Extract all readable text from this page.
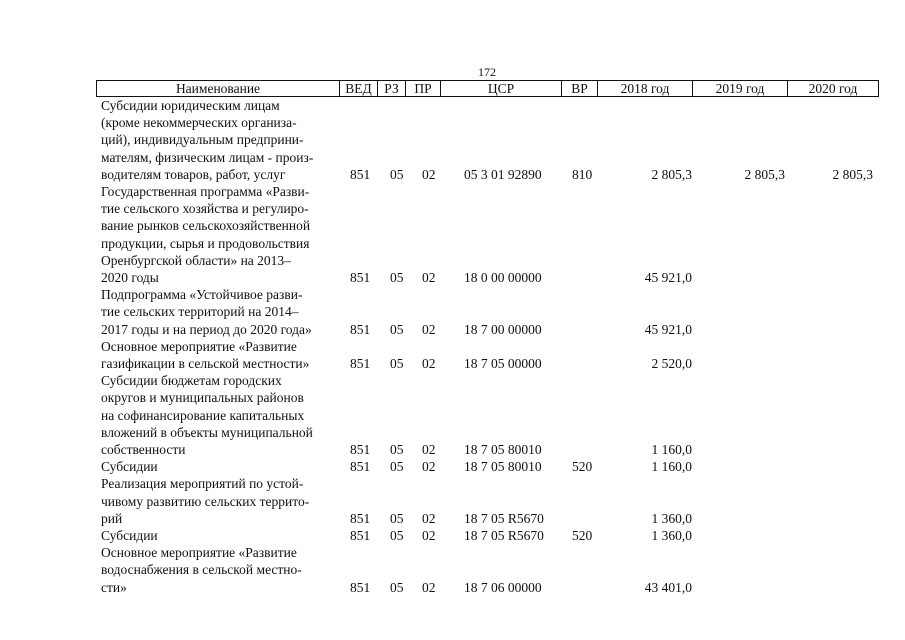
172
Наименование	ВЕД РЗ	ПР	ЦСР	ВР	2018 год	2019 год	2020 год
Субсидии юридическим лицам
(кроме некоммерческих организа-
ций), индивидуальным предприни-
мателям, физическим лицам - произ-
водителям товаров, работ, услуг	851 05 02 05 3 01 92890 810	2 805,3	2 805,3	2 805,3
Государственная программа «Разви-
тие сельского хозяйства и регулиро-
вание рынков сельскохозяйственной
продукции, сырья и продовольствия
Оренбургской области» на 2013–
2020 годы	851 05 02 18 0 00 00000	45 921,0
Подпрограмма «Устойчивое разви-
тие сельских территорий на 2014–
2017 годы и на период до 2020 года»	851 05 02 18 7 00 00000	45 921,0
Основное мероприятие «Развитие
газификации в сельской местности»	851 05 02 18 7 05 00000	2 520,0
Субсидии бюджетам городских
округов и муниципальных районов
на софинансирование капитальных
вложений в объекты муниципальной
собственности	851 05 02 18 7 05 80010	1 160,0
Субсидии	851 05 02 18 7 05 80010 520	1 160,0
Реализация мероприятий по устой-
чивому развитию сельских террито-
рий	851 05 02 18 7 05 R5670	1 360,0
Субсидии	851 05 02 18 7 05 R5670 520	1 360,0
Основное мероприятие «Развитие
водоснабжения в сельской местно-
сти»	851 05 02 18 7 06 00000	43 401,0
